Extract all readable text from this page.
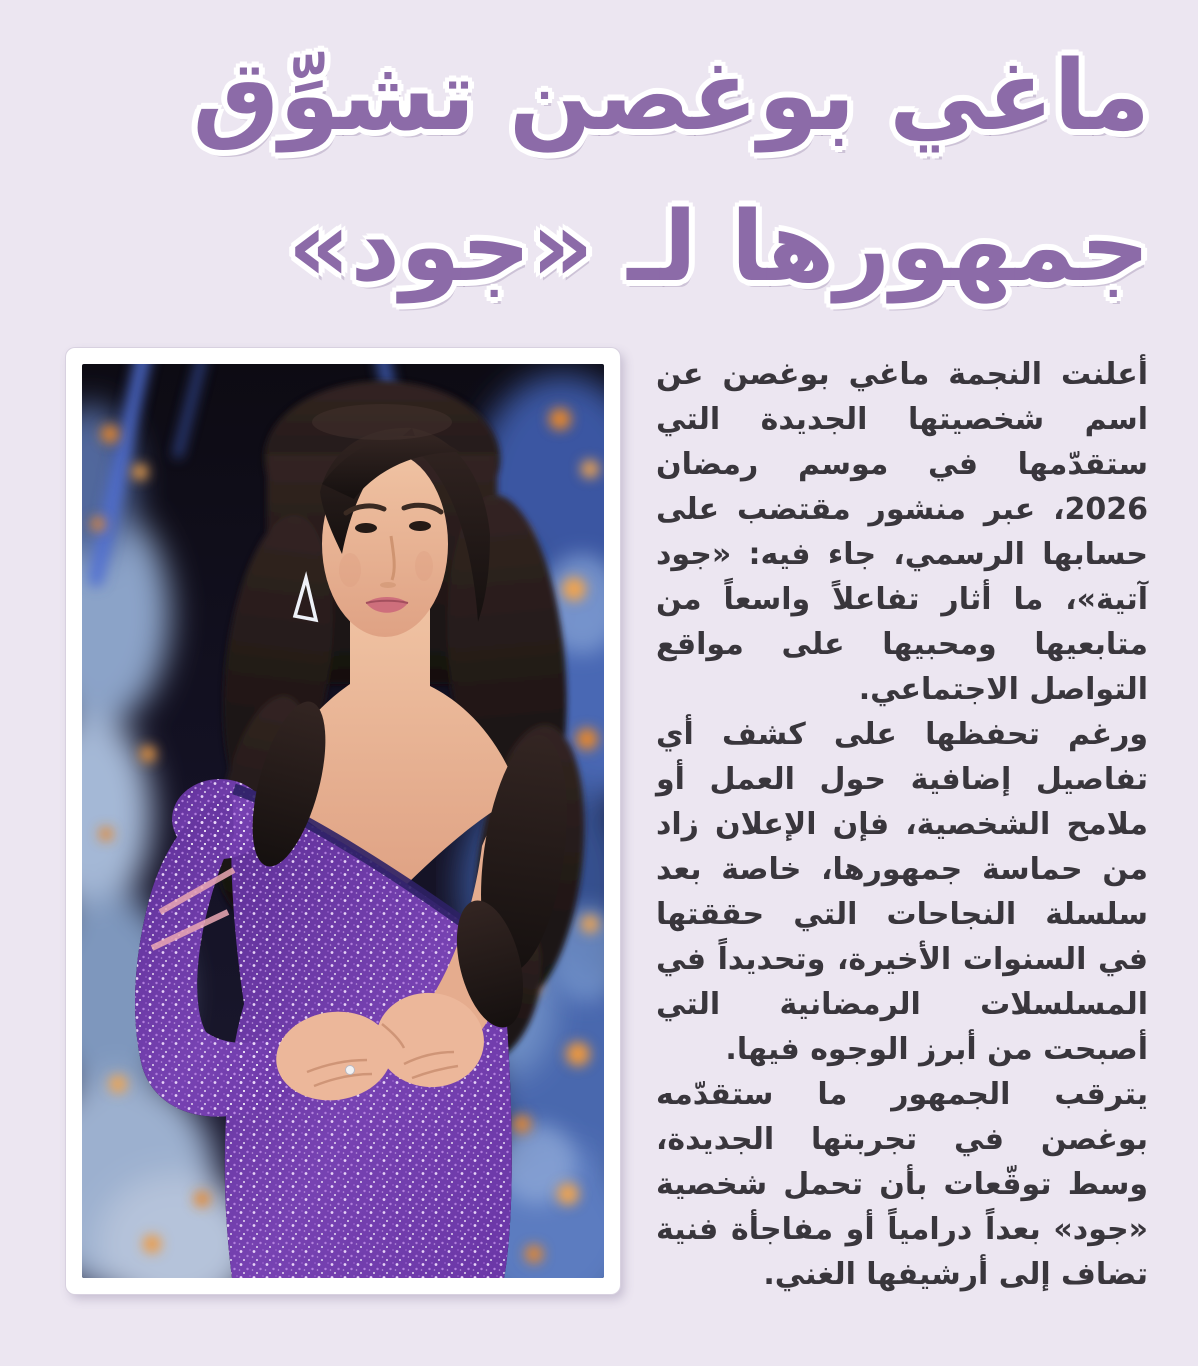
ماغي بوغصن تشوِّق
جمهورها لـ «جود»

أعلنت النجمة ماغي بوغصن عن اسم شخصيتها الجديدة التي ستقدّمها في موسم رمضان 2026، عبر منشور مقتضب على حسابها الرسمي، جاء فيه: «جود آتية»، ما أثار تفاعلاً واسعاً من متابعيها ومحبيها على مواقع التواصل الاجتماعي.

ورغم تحفظها على كشف أي تفاصيل إضافية حول العمل أو ملامح الشخصية، فإن الإعلان زاد من حماسة جمهورها، خاصة بعد سلسلة النجاحات التي حققتها في السنوات الأخيرة، وتحديداً في المسلسلات الرمضانية التي أصبحت من أبرز الوجوه فيها.

يترقب الجمهور ما ستقدّمه بوغصن في تجربتها الجديدة، وسط توقّعات بأن تحمل شخصية «جود» بعداً درامياً أو مفاجأة فنية تضاف إلى أرشيفها الغني.
